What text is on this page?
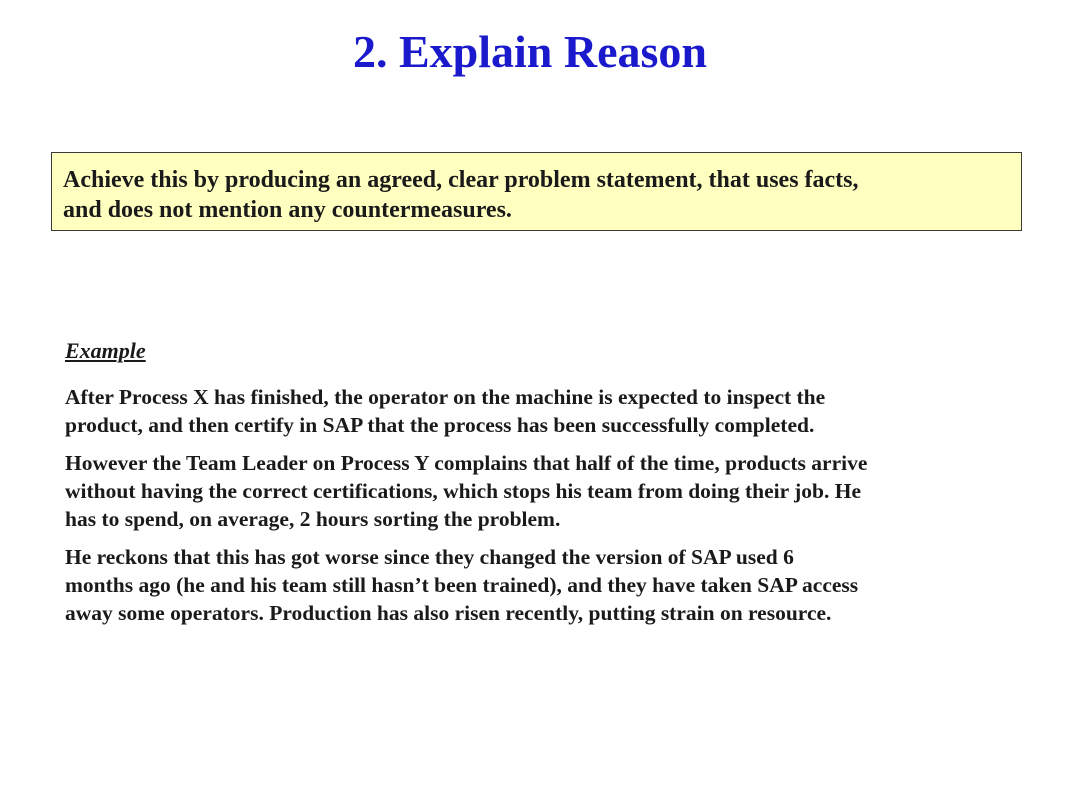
2. Explain Reason

Achieve this by producing an agreed, clear problem statement, that uses facts,
and does not mention any countermeasures.

Example

After Process X has finished, the operator on the machine is expected to inspect the
product, and then certify in SAP that the process has been successfully completed.

However the Team Leader on Process Y complains that half of the time, products arrive
without having the correct certifications, which stops his team from doing their job. He
has to spend, on average, 2 hours sorting the problem.

He reckons that this has got worse since they changed the version of SAP used 6
months ago (he and his team still hasn’t been trained), and they have taken SAP access
away some operators. Production has also risen recently, putting strain on resource.
